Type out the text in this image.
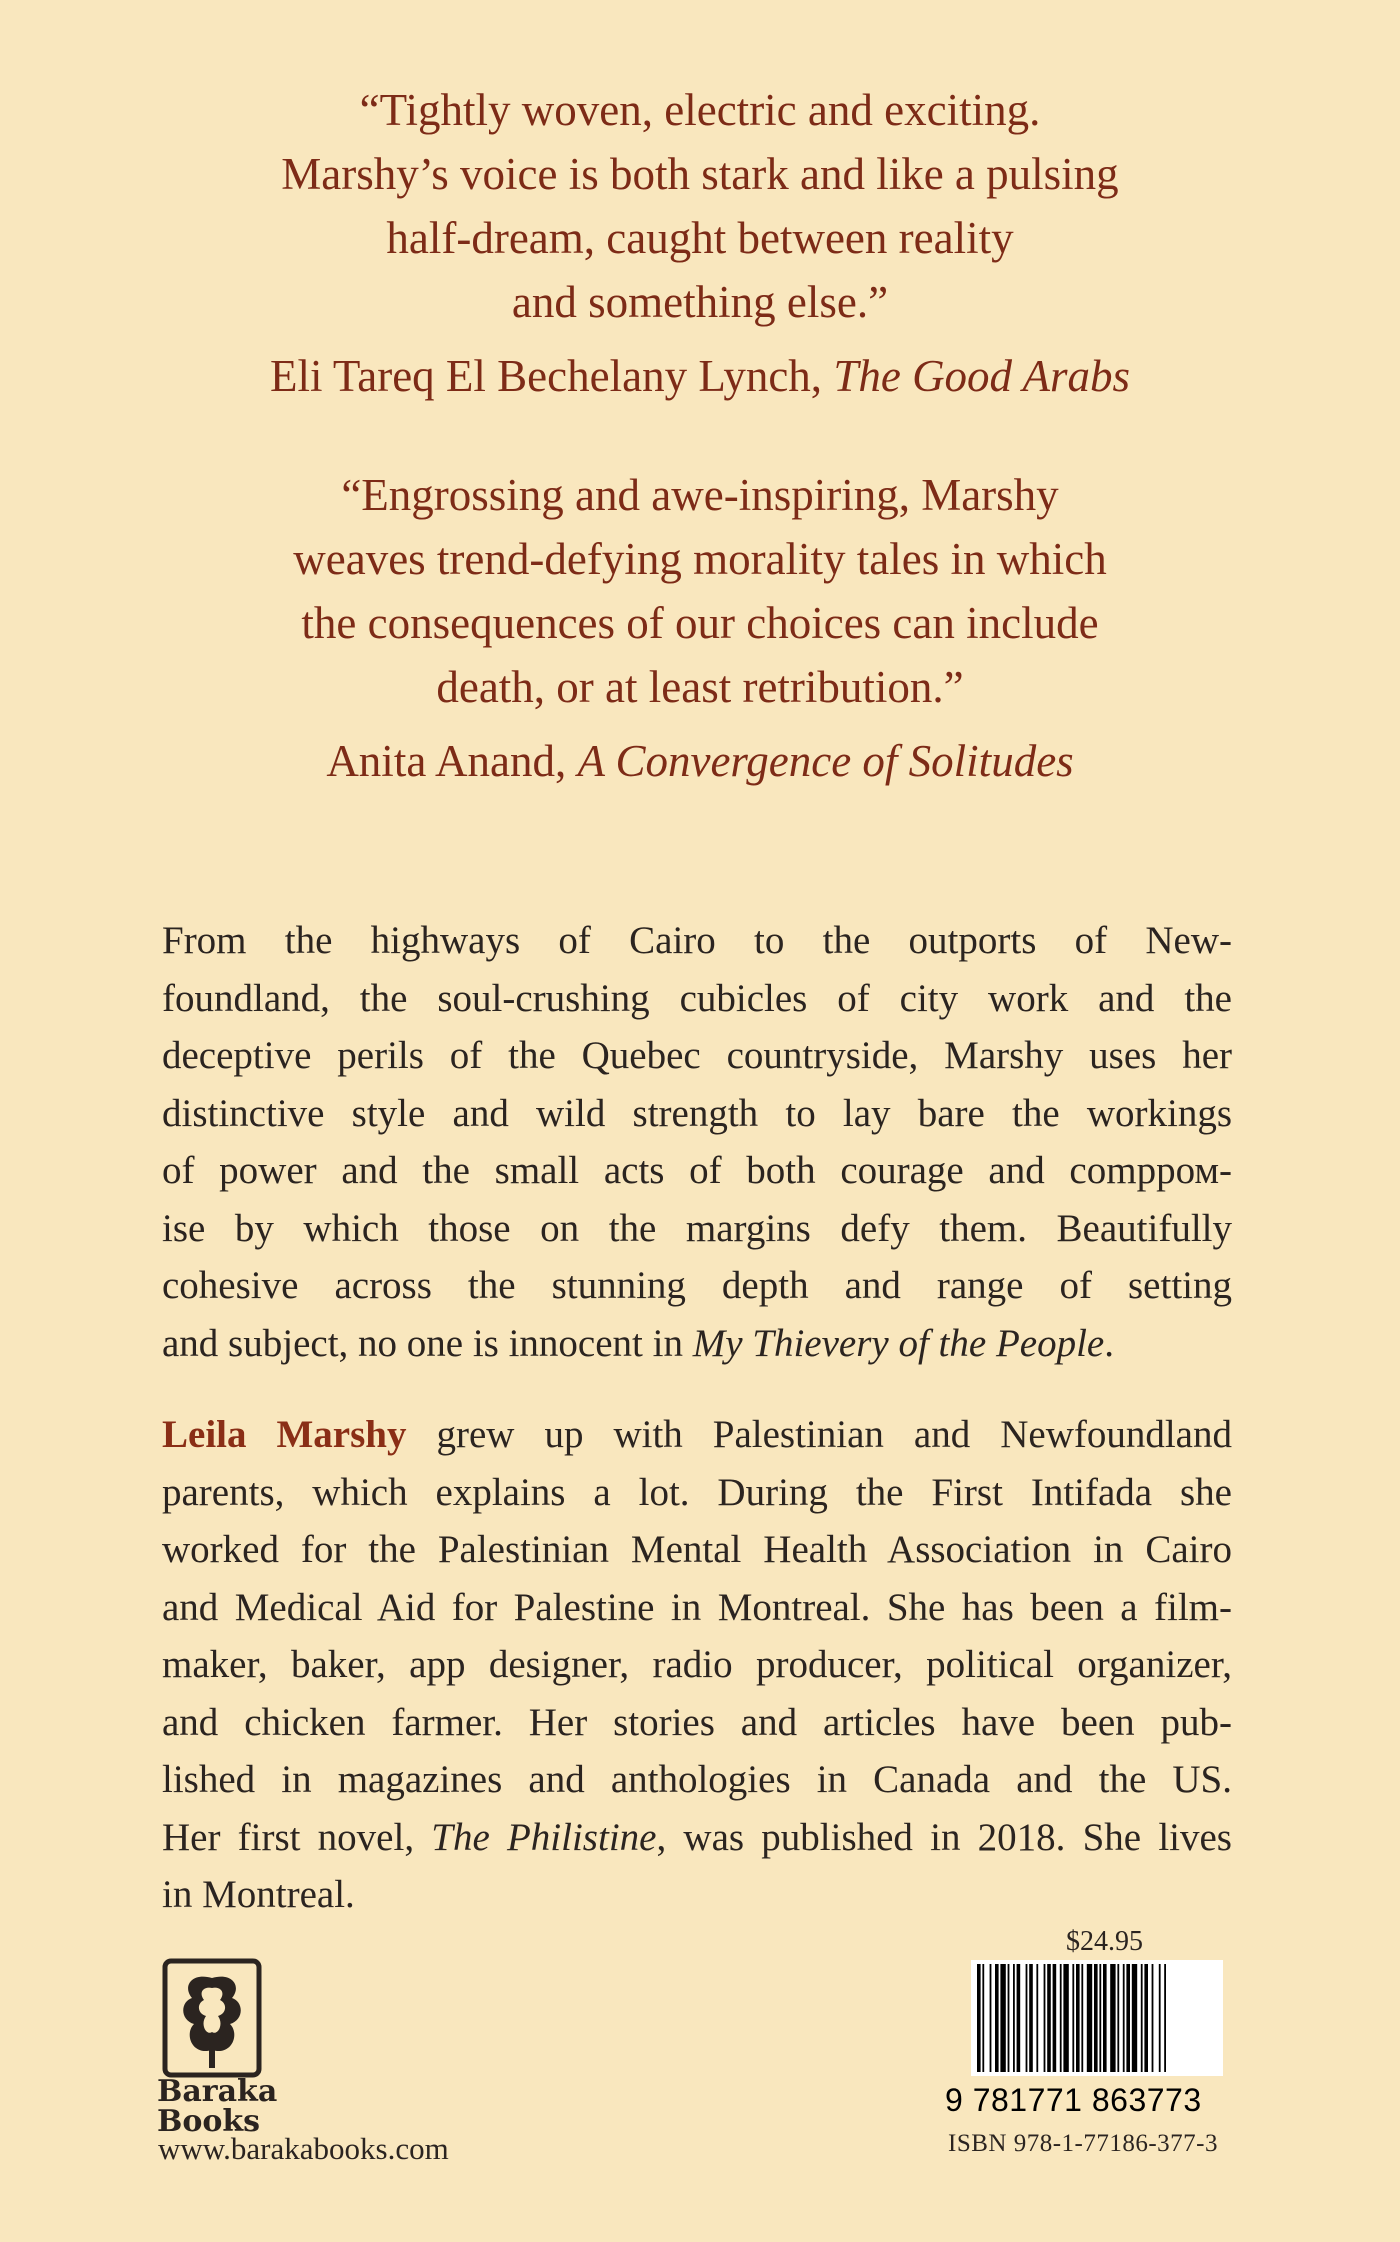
“Tightly woven, electric and exciting.

Marshy’s voice is both stark and like a pulsing

half-dream, caught between reality

and something else.”

Eli Tareq El Bechelany Lynch, The Good Arabs

“Engrossing and awe-inspiring, Marshy

weaves trend-defying morality tales in which

the consequences of our choices can include

death, or at least retribution.”

Anita Anand, A Convergence of Solitudes

From the highways of Cairo to the outports of New-
foundland, the soul-crushing cubicles of city work and the
deceptive perils of the Quebec countryside, Marshy uses her
distinctive style and wild strength to lay bare the workings
of power and the small acts of both courage and compром-
ise by which those on the margins defy them. Beautifully
cohesive across the stunning depth and range of setting
and subject, no one is innocent in My Thievery of the People.
Leila Marshy grew up with Palestinian and Newfoundland
parents, which explains a lot. During the First Intifada she
worked for the Palestinian Mental Health Association in Cairo
and Medical Aid for Palestine in Montreal. She has been a film-
maker, baker, app designer, radio producer, political organizer,
and chicken farmer. Her stories and articles have been pub-
lished in magazines and anthologies in Canada and the US.
Her first novel, The Philistine, was published in 2018. She lives
in Montreal.
Baraka
Books
www.barakabooks.com
$24.95
9 781771 863773
ISBN 978-1-77186-377-3
